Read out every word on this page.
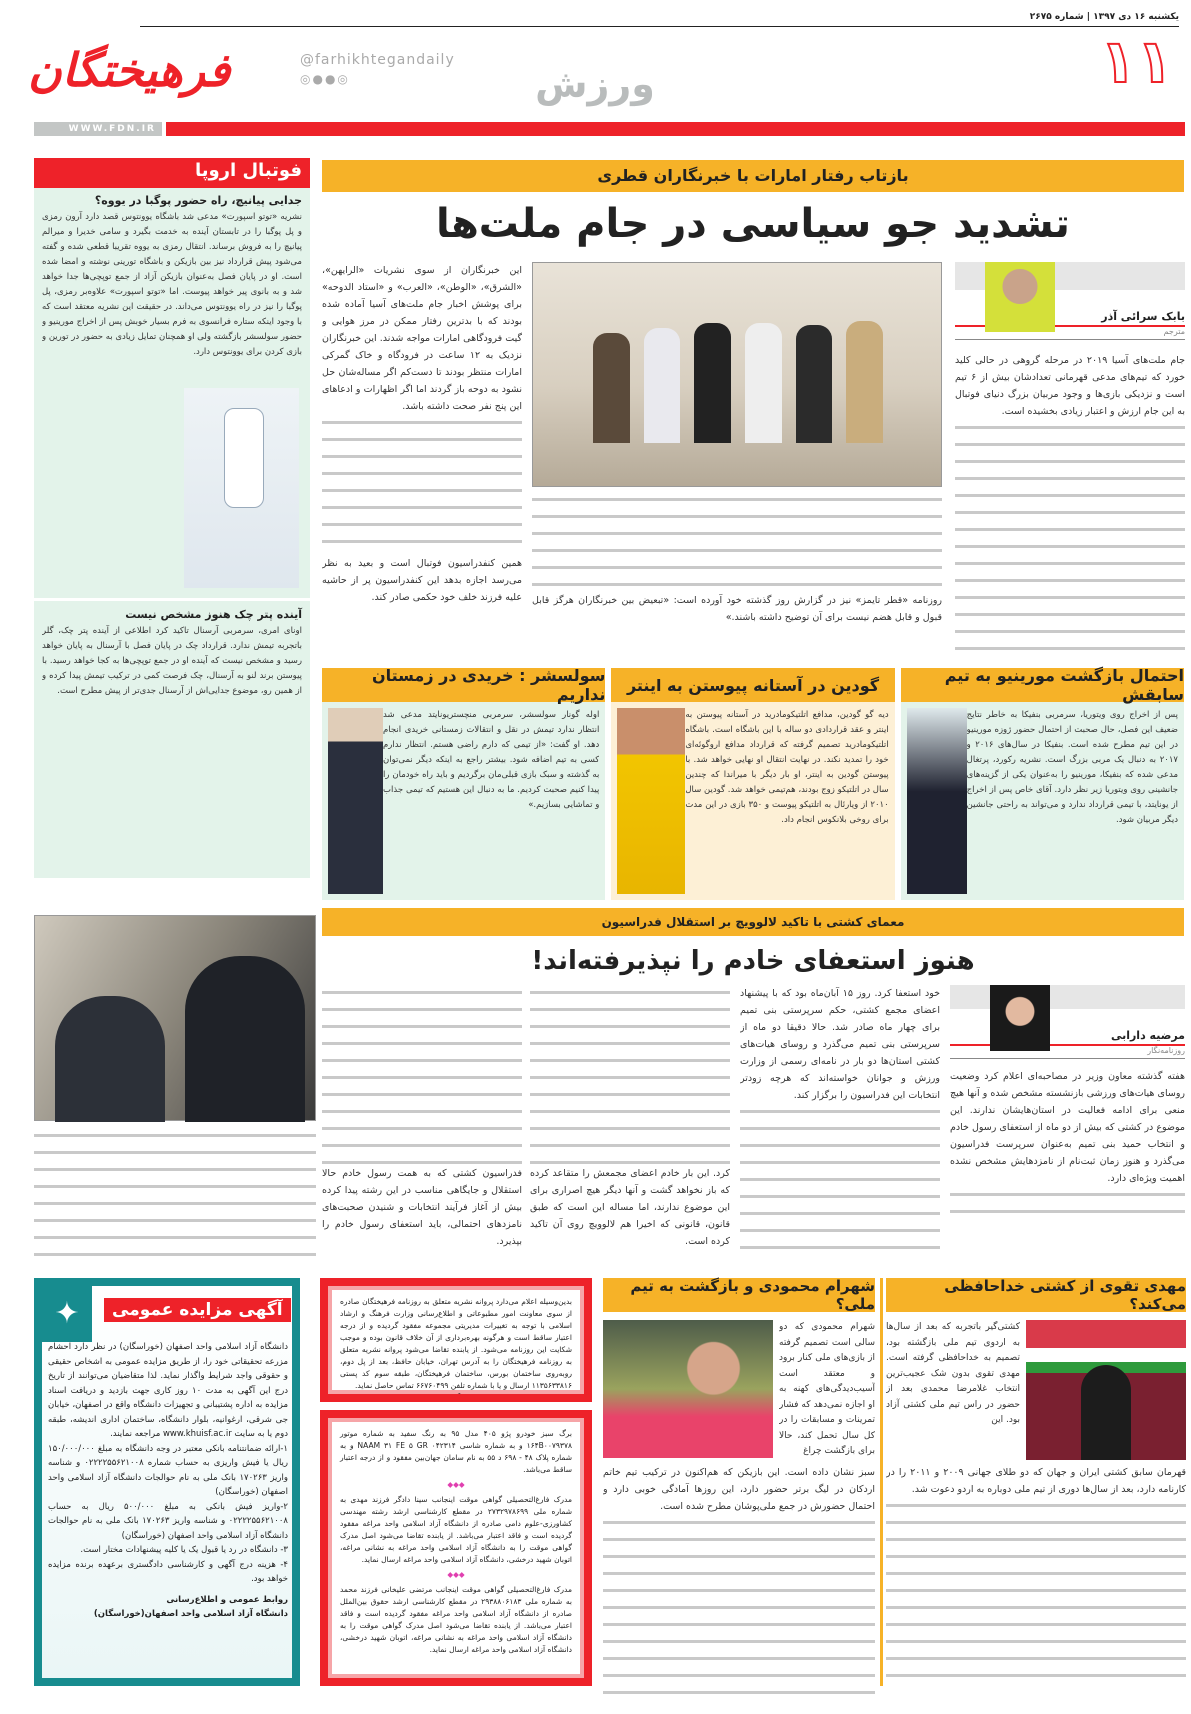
یکشنبه ۱۶ دی ۱۳۹۷ | شماره ۲۶۷۵
۱۱
ورزش
فرهیختگان	@farhikhtegandaily
◎●●◎
WWW.FDN.IR
فوتبال اروپا
جدایی پیانیچ، راه حضور پوگبا در یووه؟

نشریه «توتو اسپورت» مدعی شد باشگاه یوونتوس قصد دارد آرون رمزی و پل پوگبا را در تابستان آینده به خدمت بگیرد و سامی خدیرا و میرالم پیانیچ را به فروش برساند. انتقال رمزی به یووه تقریبا قطعی شده و گفته می‌شود پیش قرارداد نیز بین بازیکن و باشگاه تورینی نوشته و امضا شده است. او در پایان فصل به‌عنوان بازیکن آزاد از جمع توپچی‌ها جدا خواهد شد و به بانوی پیر خواهد پیوست. اما «توتو اسپورت» علاوه‌بر رمزی، پل پوگبا را نیز در راه یوونتوس می‌داند. در حقیقت این نشریه معتقد است که با وجود اینکه ستاره فرانسوی به فرم بسیار خوبش پس از اخراج مورینیو و حضور سولسشر بازگشته ولی او همچنان تمایل زیادی به حضور در تورین و بازی کردن برای یوونتوس دارد.

آینده پتر چک هنوز مشخص نیست

اونای امری، سرمربی آرسنال تاکید کرد اطلاعی از آینده پتر چک، گلر باتجربه تیمش ندارد. قرارداد چک در پایان فصل با آرسنال به پایان خواهد رسید و مشخص نیست که آینده او در جمع توپچی‌ها به کجا خواهد رسید. با پیوستن برند لنو به آرسنال، چک فرصت کمی در ترکیب تیمش پیدا کرده و از همین رو، موضوع جدایی‌اش از آرسنال جدی‌تر از پیش مطرح است.

بازتاب رفتار امارات با خبرنگاران قطری
تشدید جو سیاسی در جام ملت‌ها
بابک سرائی آذر
مترجم
جام ملت‌های آسیا ۲۰۱۹ در مرحله گروهی در حالی کلید خورد که تیم‌های مدعی قهرمانی تعدادشان بیش از ۶ تیم است و نزدیکی بازی‌ها و وجود مربیان بزرگ دنیای فوتبال به این جام ارزش و اعتبار زیادی بخشیده است.
روزنامه «قطر تایمز» نیز در گزارش روز گذشته خود آورده است: «تبعیض بین خبرنگاران هرگز قابل قبول و قابل هضم نیست برای آن توضیح داشته باشند.»
این خبرنگاران از سوی نشریات «الرایهن»، «الشرق»، «الوطن»، «العرب» و «استاد الدوحه» برای پوشش اخبار جام ملت‌های آسیا آماده شده بودند که با بدترین رفتار ممکن در مرز هوایی و گیت فرودگاهی امارات مواجه شدند. این خبرنگاران نزدیک به ۱۲ ساعت در فرودگاه و خاک گمرکی امارات منتظر بودند تا دست‌کم اگر مساله‌شان حل نشود به دوحه باز گردند اما اگر اظهارات و ادعاهای این پنج نفر صحت داشته باشد.
همین کنفدراسیون فوتبال است و بعید به نظر می‌رسد اجازه بدهد این کنفدراسیون پر از حاشیه علیه فرزند خلف خود حکمی صادر کند.
احتمال بازگشت مورینیو به تیم سابقش

پس از اخراج روی ویتوریا، سرمربی بنفیکا به خاطر نتایج ضعیف این فصل، حال صحبت از احتمال حضور ژوزه مورینیو در این تیم مطرح شده است. بنفیکا در سال‌های ۲۰۱۶ و ۲۰۱۷ به دنبال یک مربی بزرگ است. نشریه رکورد، پرتغال مدعی شده که بنفیکا، مورینیو را به‌عنوان یکی از گزینه‌های جانشینی روی ویتوریا زیر نظر دارد. آقای خاص پس از اخراج از یونایتد، با تیمی قرارداد ندارد و می‌تواند به راحتی جانشین دیگر مربیان شود.

گودین در آستانه پیوستن به اینتر

دیه گو گودین، مدافع اتلتیکومادرید در آستانه پیوستن به اینتر و عقد قراردادی دو ساله با این باشگاه است. باشگاه اتلتیکومادرید تصمیم گرفته که قرارداد مدافع اروگوئه‌ای خود را تمدید نکند. در نهایت انتقال او نهایی خواهد شد. با پیوستن گودین به اینتر، او بار دیگر با میراندا که چندین سال در اتلتیکو زوج بودند، هم‌تیمی خواهد شد. گودین سال ۲۰۱۰ از ویارئال به اتلتیکو پیوست و ۳۵۰ بازی در این مدت برای روخی بلانکوس انجام داد.

سولسشر : خریدی در زمستان نداریم

اوله گونار سولسشر، سرمربی منچستریونایتد مدعی شد انتظار ندارد تیمش در نقل و انتقالات زمستانی خریدی انجام دهد. او گفت: «از تیمی که دارم راضی هستم. انتظار ندارم کسی به تیم اضافه شود. بیشتر راجع به اینکه دیگر نمی‌توان به گذشته و سبک بازی قبلی‌مان برگردیم و باید راه خودمان را پیدا کنیم صحبت کردیم. ما به دنبال این هستیم که تیمی جذاب و تماشایی بسازیم.»

معمای کشتی با تاکید لالوویچ بر استقلال فدراسیون
هنوز استعفای خادم را نپذیرفته‌اند!
مرضیه دارابی
روزنامه‌نگار
هفته گذشته معاون وزیر در مصاحبه‌ای اعلام کرد وضعیت روسای هیات‌های ورزشی بازنشسته مشخص شده و آنها هیچ منعی برای ادامه فعالیت در استان‌هایشان ندارند. این موضوع در کشتی که بیش از دو ماه از استعفای رسول خادم و انتخاب حمید بنی تمیم به‌عنوان سرپرست فدراسیون می‌گذرد و هنوز زمان ثبت‌نام از نامزدهایش مشخص نشده اهمیت ویژه‌ای دارد.
خود استعفا کرد. روز ۱۵ آبان‌ماه بود که با پیشنهاد اعضای مجمع کشتی، حکم سرپرستی بنی تمیم برای چهار ماه صادر شد. حالا دقیقا دو ماه از سرپرستی بنی تمیم می‌گذرد و روسای هیات‌های کشتی استان‌ها دو بار در نامه‌ای رسمی از وزارت ورزش و جوانان خواسته‌اند که هرچه زودتر انتخابات این فدراسیون را برگزار کند.
کرد. این بار خادم اعضای مجمعش را متقاعد کرده که باز نخواهد گشت و آنها دیگر هیچ اصراری برای این موضوع ندارند، اما مساله این است که طبق قانون، قانونی که اخیرا هم لالوویچ روی آن تاکید کرده است.
فدراسیون کشتی که به همت رسول خادم حالا استقلال و جایگاهی مناسب در این رشته پیدا کرده بیش از آغاز فرآیند انتخابات و شنیدن صحبت‌های نامزدهای احتمالی، باید استعفای رسول خادم را بپذیرد.
✦	آگهی مزایده عمومی

دانشگاه آزاد اسلامی واحد اصفهان (خوراسگان) در نظر دارد احشام مزرعه تحقیقاتی خود را، از طریق مزایده عمومی به اشخاص حقیقی و حقوقی واجد شرایط واگذار نماید. لذا متقاضیان می‌توانند از تاریخ درج این آگهی به مدت ۱۰ روز کاری جهت بازدید و دریافت اسناد مزایده به اداره پشتیبانی و تجهیزات دانشگاه واقع در اصفهان، خیابان جی شرقی، ارغوانیه، بلوار دانشگاه، ساختمان اداری اندیشه، طبقه دوم یا به سایت www.khuisf.ac.ir مراجعه نمایند.

۱-ارائه ضمانتنامه بانکی معتبر در وجه دانشگاه به مبلغ ۱۵۰/۰۰۰/۰۰۰ ریال یا فیش واریزی به حساب شماره ۰۲۲۲۲۵۵۶۲۱۰۰۸ و شناسه واریز ۱۷۰۲۶۳ بانک ملی به نام حوالجات دانشگاه آزاد اسلامی واحد اصفهان (خوراسگان)

۲-واریز فیش بانکی به مبلغ ۵۰۰/۰۰۰ ریال به حساب ۰۲۲۲۲۵۵۶۲۱۰۰۸ و شناسه واریز ۱۷۰۲۶۳ بانک ملی به نام حوالجات دانشگاه آزاد اسلامی واحد اصفهان (خوراسگان)

۳- دانشگاه در رد یا قبول یک یا کلیه پیشنهادات مختار است.

۴- هزینه درج آگهی و کارشناسی دادگستری برعهده برنده مزایده خواهد بود.

روابط عمومی و اطلاع‌رسانی

دانشگاه آزاد اسلامی واحد اصفهان(خوراسگان)

بدین‌وسیله اعلام می‌دارد پروانه نشریه متعلق به روزنامه فرهیختگان صادره از سوی معاونت امور مطبوعاتی و اطلاع‌رسانی وزارت فرهنگ و ارشاد اسلامی با توجه به تغییرات مدیریتی مجموعه مفقود گردیده و از درجه اعتبار ساقط است و هرگونه بهره‌برداری از آن خلاف قانون بوده و موجب شکایت این روزنامه می‌شود. از یابنده تقاضا می‌شود پروانه نشریه متعلق به روزنامه فرهیختگان را به آدرس تهران، خیابان حافظ، بعد از پل دوم، روبه‌روی ساختمان بورس، ساختمان فرهیختگان، طبقه سوم کد پستی ۱۱۳۵۶۳۳۸۱۶ ارسال و یا با شماره تلفن ۶۶۷۶۰۴۹۹ تماس حاصل نماید.

روابط عمومی روزنامه فرهیختگان

برگ سبز خودرو پژو ۴۰۵ مدل ۹۵ به رنگ سفید به شماره موتور ۱۶۴B۰۰۷۹۳۷۸ و به شماره شاسی NAAM ۳۱ FE ۵ GR ۰۴۲۳۱۴ و به شماره پلاک ۴۸ - ۶۹۸ د ۵۵ به نام سامان جهان‌بین مفقود و از درجه اعتبار ساقط می‌باشد.

◆◆◆

مدرک فارغ‌التحصیلی گواهی موقت اینجانب سینا دادگر فرزند مهدی به شماره ملی ۲۷۳۲۹۷۸۶۹۹ در مقطع کارشناسی ارشد رشته مهندسی کشاورزی-علوم دامی صادره از دانشگاه آزاد اسلامی واحد مراغه مفقود گردیده است و فاقد اعتبار می‌باشد. از یابنده تقاضا می‌شود اصل مدرک گواهی موقت را به دانشگاه آزاد اسلامی واحد مراغه به نشانی مراغه، اتوبان شهید درخشی، دانشگاه آزاد اسلامی واحد مراغه ارسال نماید.

◆◆◆

مدرک فارغ‌التحصیلی گواهی موقت اینجانب مرتضی علیخانی فرزند محمد به شماره ملی ۲۹۳۸۸۰۶۱۸۳ در مقطع کارشناسی ارشد حقوق بین‌الملل صادره از دانشگاه آزاد اسلامی واحد مراغه مفقود گردیده است و فاقد اعتبار می‌باشد. از یابنده تقاضا می‌شود اصل مدرک گواهی موقت را به دانشگاه آزاد اسلامی واحد مراغه به نشانی مراغه، اتوبان شهید درخشی، دانشگاه آزاد اسلامی واحد مراغه ارسال نماید.

شهرام محمودی و بازگشت به تیم ملی؟

شهرام محمودی که دو سالی است تصمیم گرفته از بازی‌های ملی کنار برود و معتقد است آسیب‌دیدگی‌های کهنه به او اجازه نمی‌دهد که فشار تمرینات و مسابقات را در کل سال تحمل کند، حالا برای بازگشت چراغ

سبز نشان داده است. این بازیکن که هم‌اکنون در ترکیب تیم خاتم اردکان در لیگ برتر حضور دارد، این روزها آمادگی خوبی دارد و احتمال حضورش در جمع ملی‌پوشان مطرح شده است.
مهدی تقوی از کشتی خداحافظی می‌کند؟

کشتی‌گیر باتجربه که بعد از سال‌ها به اردوی تیم ملی بازگشته بود، تصمیم به خداحافظی گرفته است. مهدی تقوی بدون شک عجیب‌ترین انتخاب غلامرضا محمدی بعد از حضور در راس تیم ملی کشتی آزاد بود. این

قهرمان سابق کشتی ایران و جهان که دو طلای جهانی ۲۰۰۹ و ۲۰۱۱ را در کارنامه دارد، بعد از سال‌ها دوری از تیم ملی دوباره به اردو دعوت شد.
